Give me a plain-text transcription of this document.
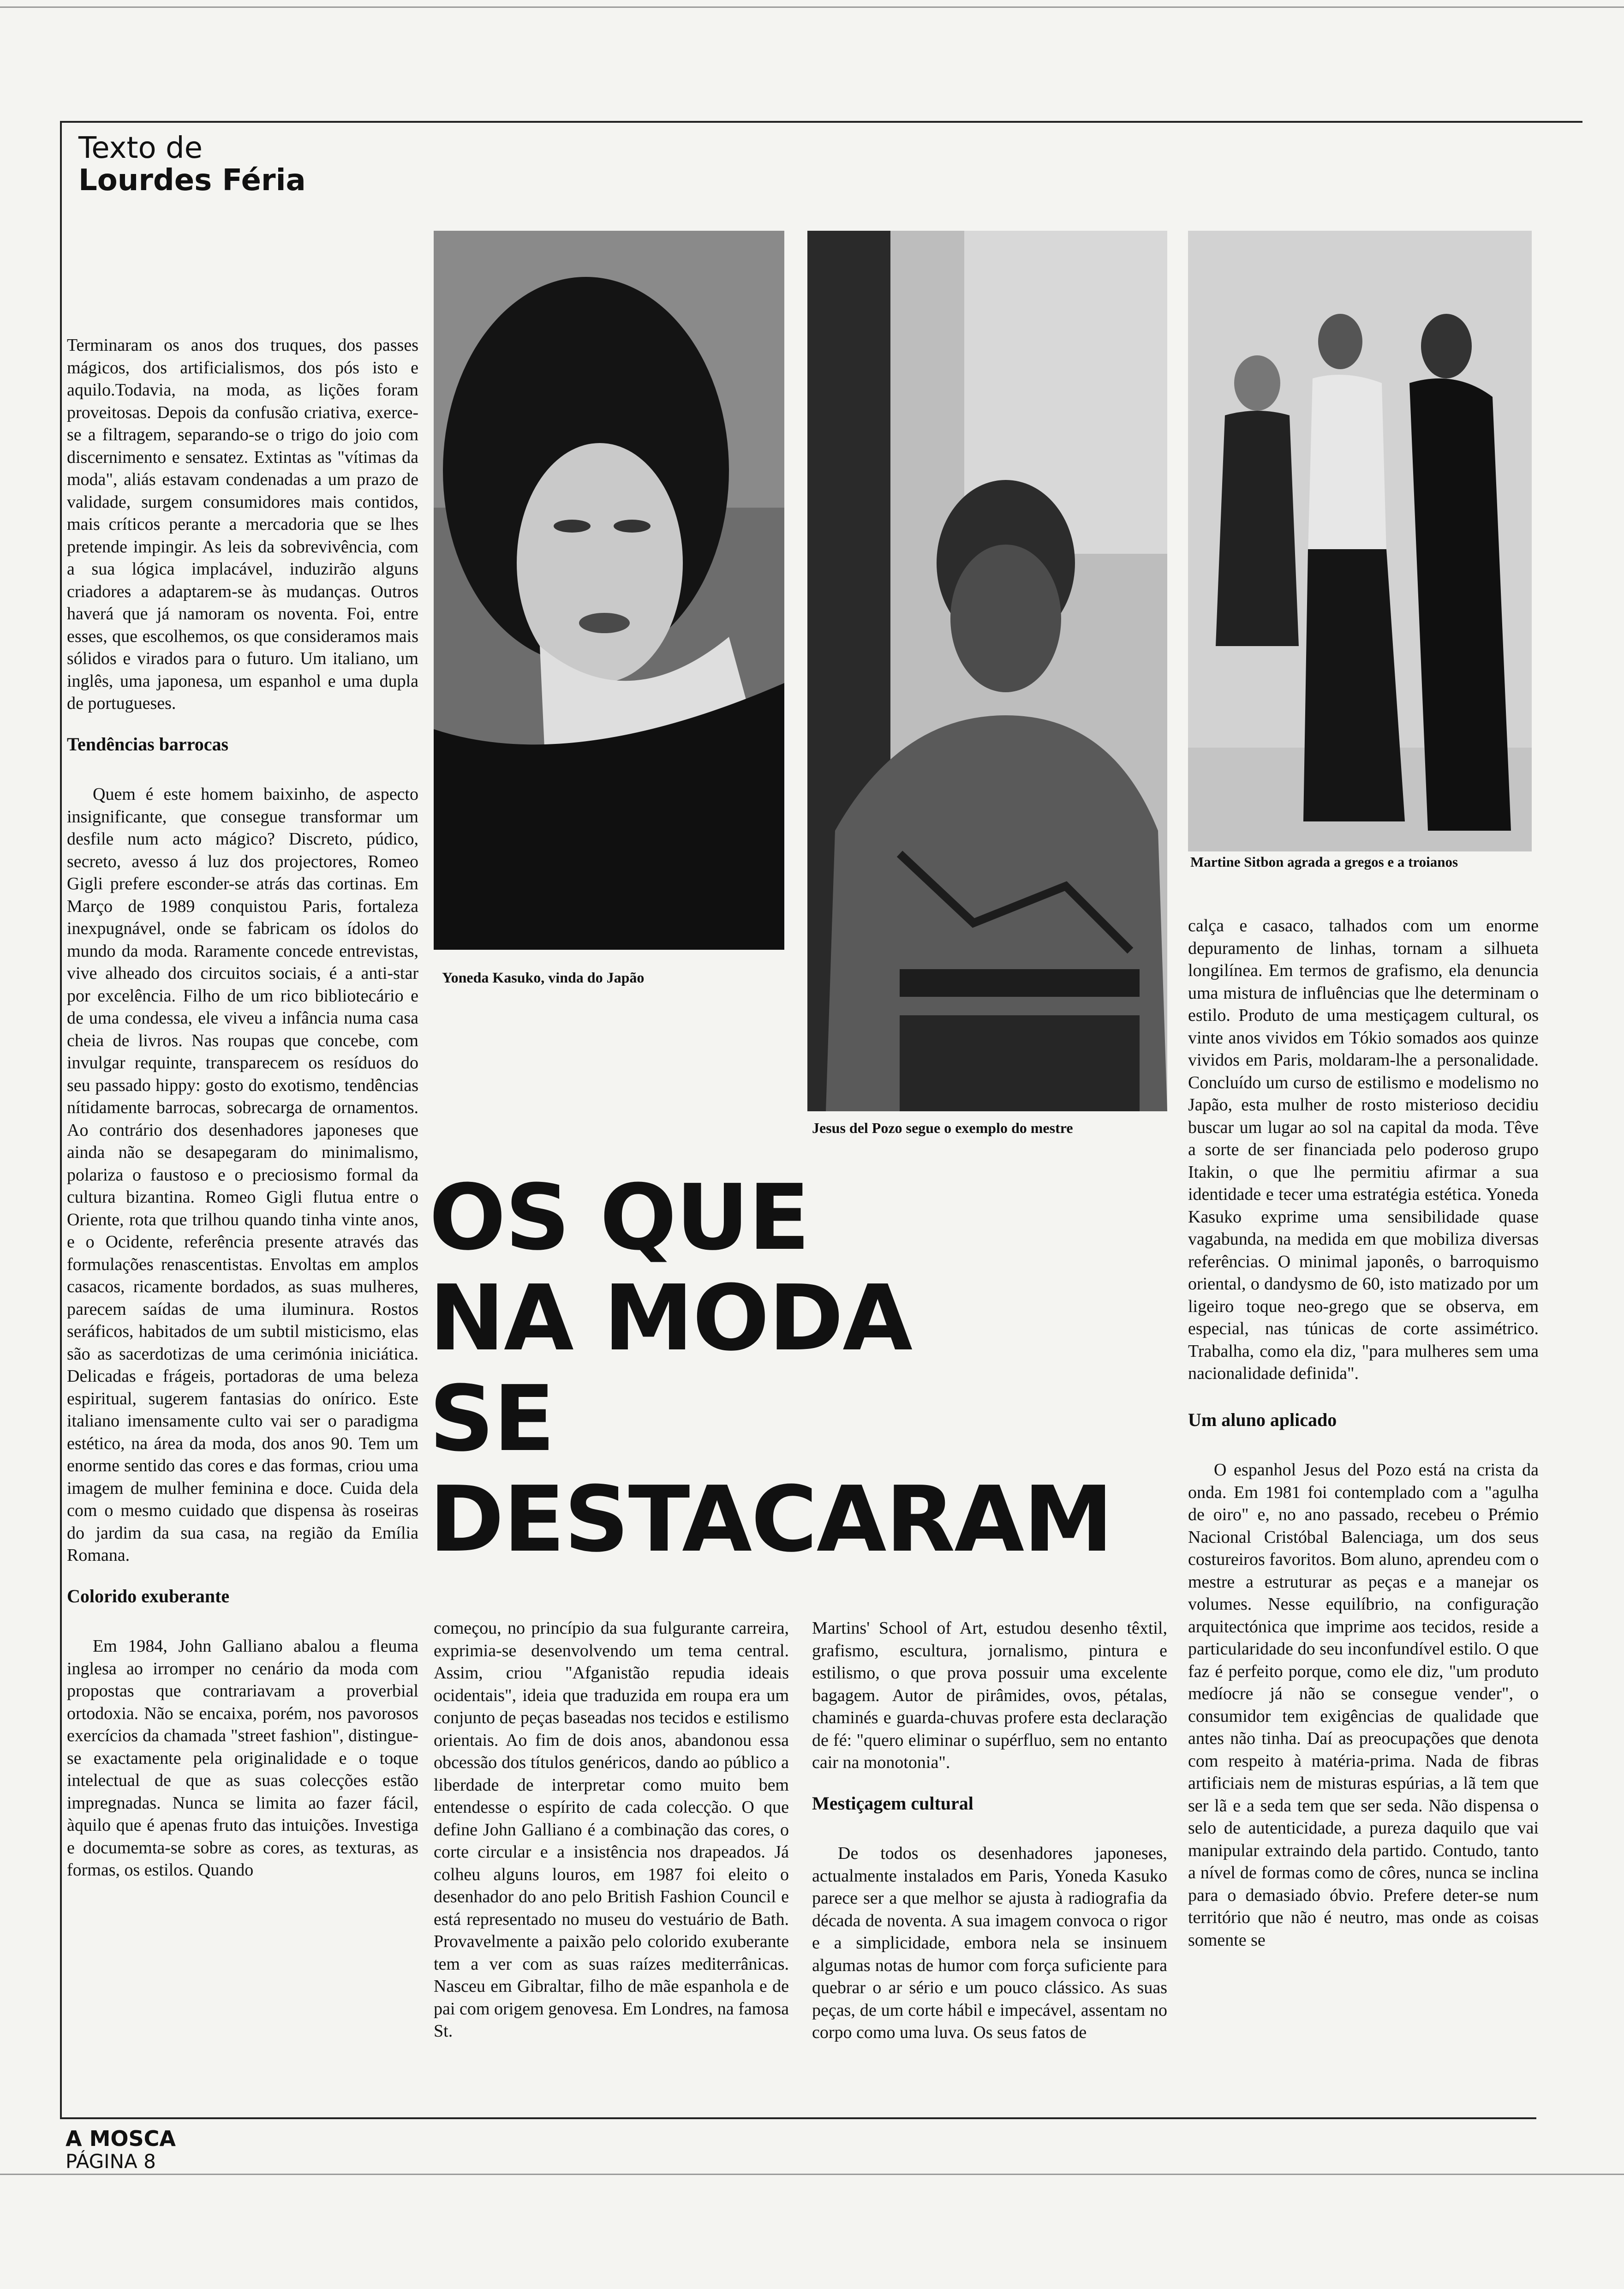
Texto de
Lourdes Féria
Yoneda Kasuko, vinda do Japão
Jesus del Pozo segue o exemplo do mestre
Martine Sitbon agrada a gregos e a troianos
OS QUE
NA MODA
SE
DESTACARAM

Terminaram os anos dos truques, dos passes mágicos, dos artificialismos, dos pós isto e aquilo.Todavia, na moda, as lições foram proveitosas. Depois da confusão criativa, exerce-se a filtragem, separando-se o trigo do joio com discernimento e sensatez. Extintas as "vítimas da moda", aliás estavam condenadas a um prazo de validade, surgem consumidores mais contidos, mais críticos perante a mercadoria que se lhes pretende impingir. As leis da sobrevivência, com a sua lógica implacável, induzirão alguns criadores a adaptarem-se às mudanças. Outros haverá que já namoram os noventa. Foi, entre esses, que escolhemos, os que consideramos mais sólidos e virados para o futuro. Um italiano, um inglês, uma japonesa, um espanhol e uma dupla de portugueses.

Tendências barrocas

Quem é este homem baixinho, de aspecto insignificante, que consegue transformar um desfile num acto mágico? Discreto, púdico, secreto, avesso á luz dos projectores, Romeo Gigli prefere esconder-se atrás das cortinas. Em Março de 1989 conquistou Paris, fortaleza inexpugnável, onde se fabricam os ídolos do mundo da moda. Raramente concede entrevistas, vive alheado dos circuitos sociais, é a anti-star por excelência. Filho de um rico bibliotecário e de uma condessa, ele viveu a infância numa casa cheia de livros. Nas roupas que concebe, com invulgar requinte, transparecem os resíduos do seu passado hippy: gosto do exotismo, tendências nítidamente barrocas, sobrecarga de ornamentos. Ao contrário dos desenhadores japoneses que ainda não se desapegaram do minimalismo, polariza o faustoso e o preciosismo formal da cultura bizantina. Romeo Gigli flutua entre o Oriente, rota que trilhou quando tinha vinte anos, e o Ocidente, referência presente através das formulações renascentistas. Envoltas em amplos casacos, ricamente bordados, as suas mulheres, parecem saídas de uma iluminura. Rostos seráficos, habitados de um subtil misticismo, elas são as sacerdotizas de uma cerimónia iniciática. Delicadas e frágeis, portadoras de uma beleza espiritual, sugerem fantasias do onírico. Este italiano imensamente culto vai ser o paradigma estético, na área da moda, dos anos 90. Tem um enorme sentido das cores e das formas, criou uma imagem de mulher feminina e doce. Cuida dela com o mesmo cuidado que dispensa às roseiras do jardim da sua casa, na região da Emília Romana.

Colorido exuberante

Em 1984, John Galliano abalou a fleuma inglesa ao irromper no cenário da moda com propostas que contrariavam a proverbial ortodoxia. Não se encaixa, porém, nos pavorosos exercícios da chamada "street fashion", distingue-se exactamente pela originalidade e o toque intelectual de que as suas colecções estão impregnadas. Nunca se limita ao fazer fácil, àquilo que é apenas fruto das intuições. Investiga e documemta-se sobre as cores, as texturas, as formas, os estilos. Quando

começou, no princípio da sua fulgurante carreira, exprimia-se desenvolvendo um tema central. Assim, criou "Afganistão repudia ideais ocidentais", ideia que traduzida em roupa era um conjunto de peças baseadas nos tecidos e estilismo orientais. Ao fim de dois anos, abandonou essa obcessão dos títulos genéricos, dando ao público a liberdade de interpretar como muito bem entendesse o espírito de cada colecção. O que define John Galliano é a combinação das cores, o corte circular e a insistência nos drapeados. Já colheu alguns louros, em 1987 foi eleito o desenhador do ano pelo British Fashion Council e está representado no museu do vestuário de Bath. Provavelmente a paixão pelo colorido exuberante tem a ver com as suas raízes mediterrânicas. Nasceu em Gibraltar, filho de mãe espanhola e de pai com origem genovesa. Em Londres, na famosa St.

Martins' School of Art, estudou desenho têxtil, grafismo, escultura, jornalismo, pintura e estilismo, o que prova possuir uma excelente bagagem. Autor de pirâmides, ovos, pétalas, chaminés e guarda-chuvas profere esta declaração de fé: "quero eliminar o supérfluo, sem no entanto cair na monotonia".

Mestiçagem cultural

De todos os desenhadores japoneses, actualmente instalados em Paris, Yoneda Kasuko parece ser a que melhor se ajusta à radiografia da década de noventa. A sua imagem convoca o rigor e a simplicidade, embora nela se insinuem algumas notas de humor com força suficiente para quebrar o ar sério e um pouco clássico. As suas peças, de um corte hábil e impecável, assentam no corpo como uma luva. Os seus fatos de

calça e casaco, talhados com um enorme depuramento de linhas, tornam a silhueta longilínea. Em termos de grafismo, ela denuncia uma mistura de influências que lhe determinam o estilo. Produto de uma mestiçagem cultural, os vinte anos vividos em Tókio somados aos quinze vividos em Paris, moldaram-lhe a personalidade. Concluído um curso de estilismo e modelismo no Japão, esta mulher de rosto misterioso decidiu buscar um lugar ao sol na capital da moda. Têve a sorte de ser financiada pelo poderoso grupo Itakin, o que lhe permitiu afirmar a sua identidade e tecer uma estratégia estética. Yoneda Kasuko exprime uma sensibilidade quase vagabunda, na medida em que mobiliza diversas referências. O minimal japonês, o barroquismo oriental, o dandysmo de 60, isto matizado por um ligeiro toque neo-grego que se observa, em especial, nas túnicas de corte assimétrico. Trabalha, como ela diz, "para mulheres sem uma nacionalidade definida".

Um aluno aplicado

O espanhol Jesus del Pozo está na crista da onda. Em 1981 foi contemplado com a "agulha de oiro" e, no ano passado, recebeu o Prémio Nacional Cristóbal Balenciaga, um dos seus costureiros favoritos. Bom aluno, aprendeu com o mestre a estruturar as peças e a manejar os volumes. Nesse equilíbrio, na configuração arquitectónica que imprime aos tecidos, reside a particularidade do seu inconfundível estilo. O que faz é perfeito porque, como ele diz, "um produto medíocre já não se consegue vender", o consumidor tem exigências de qualidade que antes não tinha. Daí as preocupações que denota com respeito à matéria-prima. Nada de fibras artificiais nem de misturas espúrias, a lã tem que ser lã e a seda tem que ser seda. Não dispensa o selo de autenticidade, a pureza daquilo que vai manipular extraindo dela partido. Contudo, tanto a nível de formas como de côres, nunca se inclina para o demasiado óbvio. Prefere deter-se num território que não é neutro, mas onde as coisas somente se

A MOSCA
PÁGINA 8
